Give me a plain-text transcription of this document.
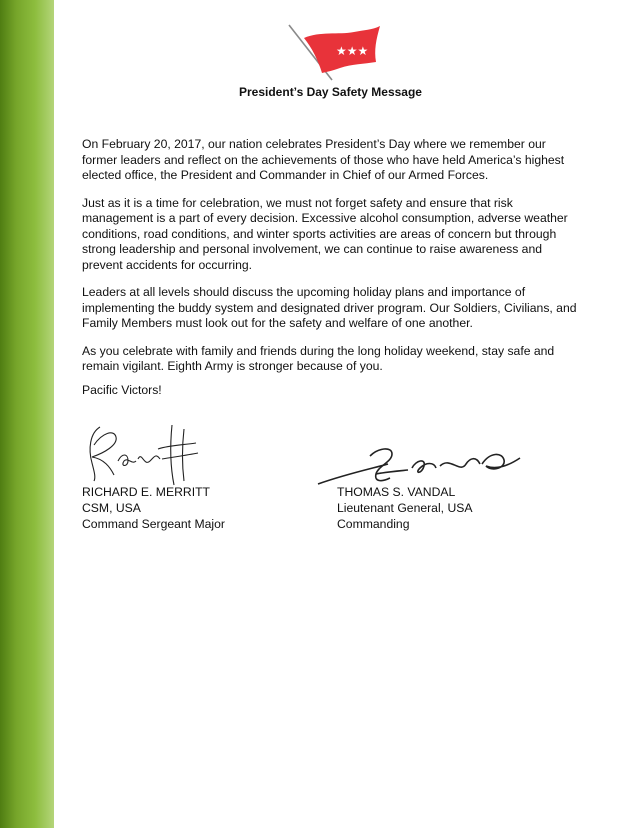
★★★
President’s Day Safety Message

On February 20, 2017, our nation celebrates President’s Day where we remember our former leaders and reflect on the achievements of those who have held America’s highest elected office, the President and Commander in Chief of our Armed Forces.

Just as it is a time for celebration, we must not forget safety and ensure that risk management is a part of every decision. Excessive alcohol consumption, adverse weather conditions, road conditions, and winter sports activities are areas of concern but through strong leadership and personal involvement, we can continue to raise awareness and prevent accidents for occurring.

Leaders at all levels should discuss the upcoming holiday plans and importance of implementing the buddy system and designated driver program. Our Soldiers, Civilians, and Family Members must look out for the safety and welfare of one another.

As you celebrate with family and friends during the long holiday weekend, stay safe and remain vigilant. Eighth Army is stronger because of you.

Pacific Victors!

RICHARD E. MERRITT
CSM, USA
Command Sergeant Major
THOMAS S. VANDAL
Lieutenant General, USA
Commanding
